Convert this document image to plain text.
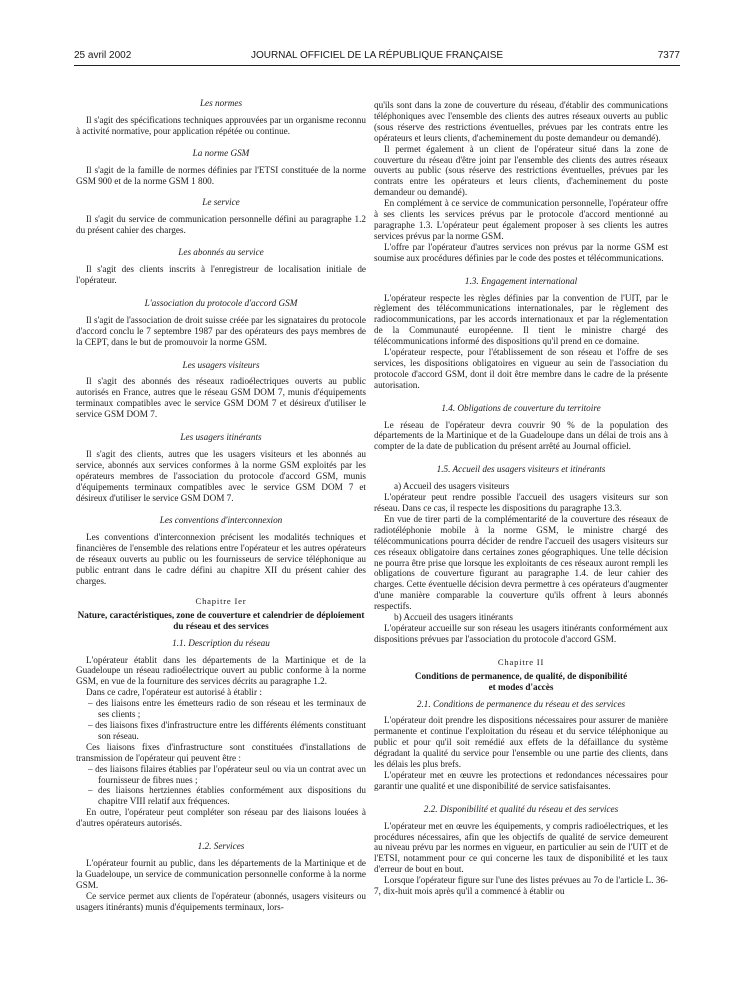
25 avril 2002	JOURNAL OFFICIEL DE LA RÉPUBLIQUE FRANÇAISE	7377
Les normes

Il s'agit des spécifications techniques approuvées par un organisme reconnu à activité normative, pour application répétée ou continue.

La norme GSM

Il s'agit de la famille de normes définies par l'ETSI constituée de la norme GSM 900 et de la norme GSM 1 800.

Le service

Il s'agit du service de communication personnelle défini au paragraphe 1.2 du présent cahier des charges.

Les abonnés au service

Il s'agit des clients inscrits à l'enregistreur de localisation initiale de l'opérateur.

L'association du protocole d'accord GSM

Il s'agit de l'association de droit suisse créée par les signataires du protocole d'accord conclu le 7 septembre 1987 par des opérateurs des pays membres de la CEPT, dans le but de promouvoir la norme GSM.

Les usagers visiteurs

Il s'agit des abonnés des réseaux radioélectriques ouverts au public autorisés en France, autres que le réseau GSM DOM 7, munis d'équipements terminaux compatibles avec le service GSM DOM 7 et désireux d'utiliser le service GSM DOM 7.

Les usagers itinérants

Il s'agit des clients, autres que les usagers visiteurs et les abonnés au service, abonnés aux services conformes à la norme GSM exploités par les opérateurs membres de l'association du protocole d'accord GSM, munis d'équipements terminaux compatibles avec le service GSM DOM 7 et désireux d'utiliser le service GSM DOM 7.

Les conventions d'interconnexion

Les conventions d'interconnexion précisent les modalités techniques et financières de l'ensemble des relations entre l'opérateur et les autres opérateurs de réseaux ouverts au public ou les fournisseurs de service téléphonique au public entrant dans le cadre défini au chapitre XII du présent cahier des charges.

Chapitre Ier
Nature, caractéristiques, zone de couverture et calendrier de déploiement du réseau et des services
1.1. Description du réseau

L'opérateur établit dans les départements de la Martinique et de la Guadeloupe un réseau radioélectrique ouvert au public conforme à la norme GSM, en vue de la fourniture des services décrits au paragraphe 1.2.

Dans ce cadre, l'opérateur est autorisé à établir :

– des liaisons entre les émetteurs radio de son réseau et les terminaux de ses clients ;
– des liaisons fixes d'infrastructure entre les différents éléments constituant son réseau.

Ces liaisons fixes d'infrastructure sont constituées d'installations de transmission de l'opérateur qui peuvent être :

– des liaisons filaires établies par l'opérateur seul ou via un contrat avec un fournisseur de fibres nues ;
– des liaisons hertziennes établies conformément aux dispositions du chapitre VIII relatif aux fréquences.

En outre, l'opérateur peut compléter son réseau par des liaisons louées à d'autres opérateurs autorisés.

1.2. Services

L'opérateur fournit au public, dans les départements de la Martinique et de la Guadeloupe, un service de communication personnelle conforme à la norme GSM.

Ce service permet aux clients de l'opérateur (abonnés, usagers visiteurs ou usagers itinérants) munis d'équipements terminaux, lors-

qu'ils sont dans la zone de couverture du réseau, d'établir des communications téléphoniques avec l'ensemble des clients des autres réseaux ouverts au public (sous réserve des restrictions éventuelles, prévues par les contrats entre les opérateurs et leurs clients, d'acheminement du poste demandeur ou demandé).

Il permet également à un client de l'opérateur situé dans la zone de couverture du réseau d'être joint par l'ensemble des clients des autres réseaux ouverts au public (sous réserve des restrictions éventuelles, prévues par les contrats entre les opérateurs et leurs clients, d'acheminement du poste demandeur ou demandé).

En complément à ce service de communication personnelle, l'opérateur offre à ses clients les services prévus par le protocole d'accord mentionné au paragraphe 1.3. L'opérateur peut également proposer à ses clients les autres services prévus par la norme GSM.

L'offre par l'opérateur d'autres services non prévus par la norme GSM est soumise aux procédures définies par le code des postes et télécommunications.

1.3. Engagement international

L'opérateur respecte les règles définies par la convention de l'UIT, par le règlement des télécommunications internationales, par le règlement des radiocommunications, par les accords internationaux et par la réglementation de la Communauté européenne. Il tient le ministre chargé des télécommunications informé des dispositions qu'il prend en ce domaine.

L'opérateur respecte, pour l'établissement de son réseau et l'offre de ses services, les dispositions obligatoires en vigueur au sein de l'association du protocole d'accord GSM, dont il doit être membre dans le cadre de la présente autorisation.

1.4. Obligations de couverture du territoire

Le réseau de l'opérateur devra couvrir 90 % de la population des départements de la Martinique et de la Guadeloupe dans un délai de trois ans à compter de la date de publication du présent arrêté au Journal officiel.

1.5. Accueil des usagers visiteurs et itinérants

a) Accueil des usagers visiteurs

L'opérateur peut rendre possible l'accueil des usagers visiteurs sur son réseau. Dans ce cas, il respecte les dispositions du paragraphe 13.3.

En vue de tirer parti de la complémentarité de la couverture des réseaux de radiotéléphonie mobile à la norme GSM, le ministre chargé des télécommunications pourra décider de rendre l'accueil des usagers visiteurs sur ces réseaux obligatoire dans certaines zones géographiques. Une telle décision ne pourra être prise que lorsque les exploitants de ces réseaux auront rempli les obligations de couverture figurant au paragraphe 1.4. de leur cahier des charges. Cette éventuelle décision devra permettre à ces opérateurs d'augmenter d'une manière comparable la couverture qu'ils offrent à leurs abonnés respectifs.

b) Accueil des usagers itinérants

L'opérateur accueille sur son réseau les usagers itinérants conformément aux dispositions prévues par l'association du protocole d'accord GSM.

Chapitre II
Conditions de permanence, de qualité, de disponibilité et modes d'accès
2.1. Conditions de permanence du réseau et des services

L'opérateur doit prendre les dispositions nécessaires pour assurer de manière permanente et continue l'exploitation du réseau et du service téléphonique au public et pour qu'il soit remédié aux effets de la défaillance du système dégradant la qualité du service pour l'ensemble ou une partie des clients, dans les délais les plus brefs.

L'opérateur met en œuvre les protections et redondances nécessaires pour garantir une qualité et une disponibilité de service satisfaisantes.

2.2. Disponibilité et qualité du réseau et des services

L'opérateur met en œuvre les équipements, y compris radioélectriques, et les procédures nécessaires, afin que les objectifs de qualité de service demeurent au niveau prévu par les normes en vigueur, en particulier au sein de l'UIT et de l'ETSI, notamment pour ce qui concerne les taux de disponibilité et les taux d'erreur de bout en bout.

Lorsque l'opérateur figure sur l'une des listes prévues au 7o de l'article L. 36-7, dix-huit mois après qu'il a commencé à établir ou
